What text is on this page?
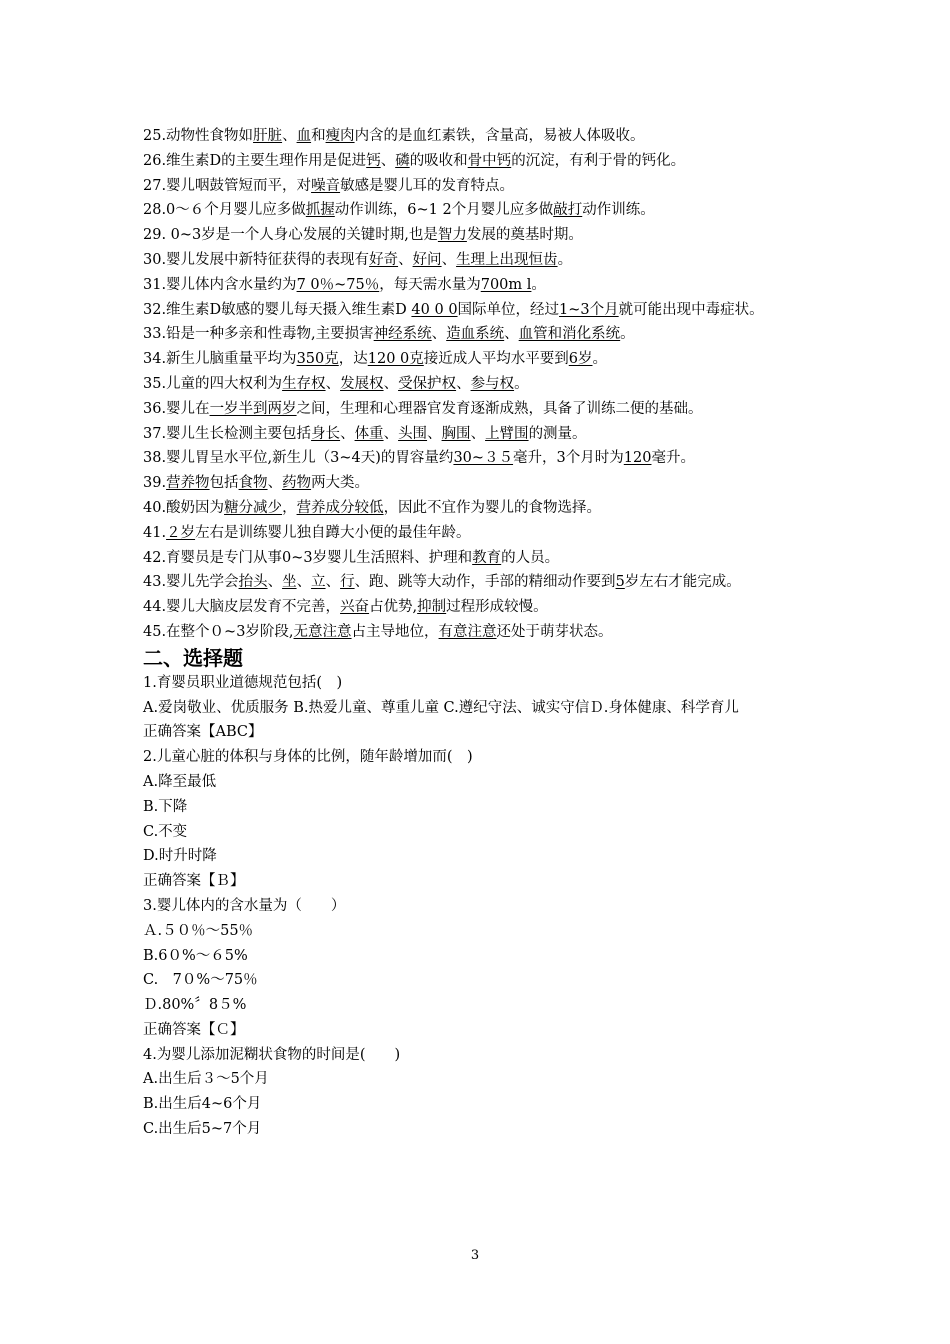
25.动物性食物如肝脏、血和瘦肉内含的是血红素铁，含量高，易被人体吸收。
26.维生素D的主要生理作用是促进钙、磷的吸收和骨中钙的沉淀，有利于骨的钙化。
27.婴儿咽鼓管短而平，对噪音敏感是婴儿耳的发育特点。
28.0～６个月婴儿应多做抓握动作训练，6~1 2个月婴儿应多做敲打动作训练。
29. 0~3岁是一个人身心发展的关键时期,也是智力发展的奠基时期。
30.婴儿发展中新特征获得的表现有好奇、好问、生理上出现恒齿。
31.婴儿体内含水量约为7 0％~75％，每天需水量为700m l。
32.维生素D敏感的婴儿每天摄入维生素D 40 0 0国际单位，经过1~3个月就可能出现中毒症状。
33.铅是一种多亲和性毒物,主要损害神经系统、造血系统、血管和消化系统。
34.新生儿脑重量平均为350克，达120 0克接近成人平均水平要到6岁。
35.儿童的四大权利为生存权、发展权、受保护权、参与权。
36.婴儿在一岁半到两岁之间，生理和心理器官发育逐渐成熟，具备了训练二便的基础。
37.婴儿生长检测主要包括身长、体重、头围、胸围、上臂围的测量。
38.婴儿胃呈水平位,新生儿（3~4天)的胃容量约30~３５毫升，3个月时为120毫升。
39.营养物包括食物、药物两大类。
40.酸奶因为糖分减少，营养成分较低，因此不宜作为婴儿的食物选择。
41.２岁左右是训练婴儿独自蹲大小便的最佳年龄。
42.育婴员是专门从事0~3岁婴儿生活照料、护理和教育的人员。
43.婴儿先学会抬头、坐、立、行、跑、跳等大动作，手部的精细动作要到5岁左右才能完成。
44.婴儿大脑皮层发育不完善，兴奋占优势,抑制过程形成较慢。
45.在整个０~3岁阶段,无意注意占主导地位，有意注意还处于萌芽状态。
二、选择题
1.育婴员职业道德规范包括(　)
A.爱岗敬业、优质服务 B.热爱儿童、尊重儿童 C.遵纪守法、诚实守信Ｄ.身体健康、科学育儿
正确答案【ABC】
2.儿童心脏的体积与身体的比例，随年龄增加而(　)
A.降至最低
B.下降
C.不变
D.时升时降
正确答案【Ｂ】
3.婴儿体内的含水量为（　　）
Ａ.５０％～55％
B.6０%～６5%
C.　7０%～75％
Ｄ.80%〞8５%
正确答案【Ｃ】
4.为婴儿添加泥糊状食物的时间是(　　)
A.出生后３～5个月
B.出生后4~6个月
C.出生后5~7个月
3
